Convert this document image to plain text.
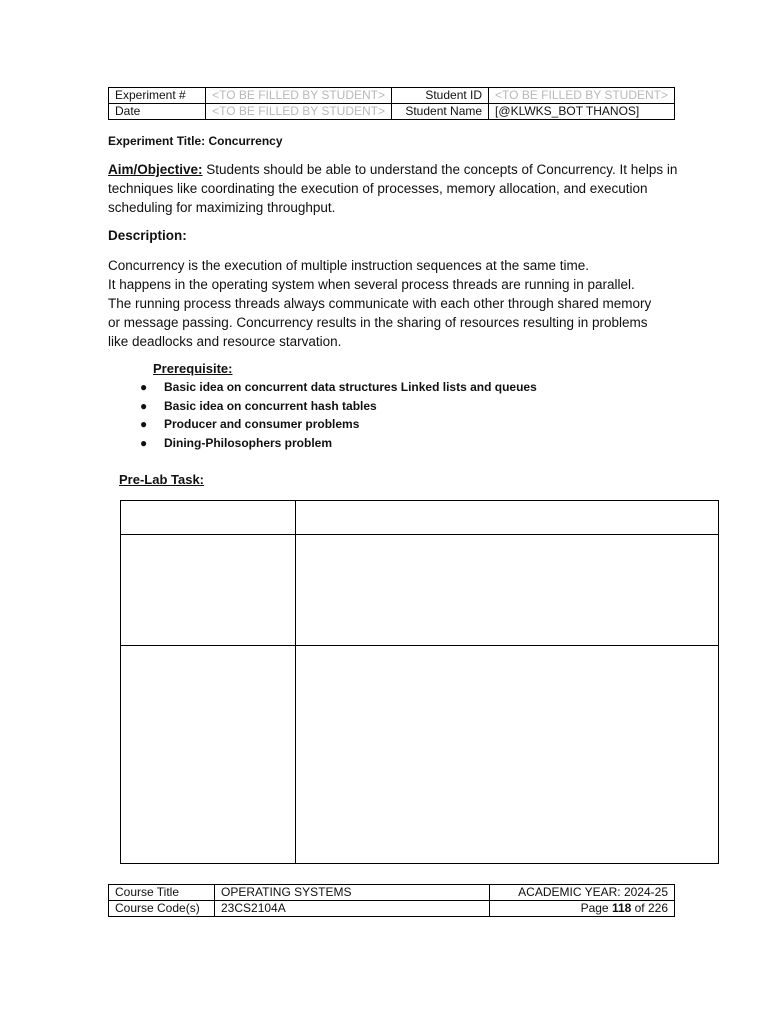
Experiment #	<TO BE FILLED BY STUDENT>	Student ID	<TO BE FILLED BY STUDENT>
Date	<TO BE FILLED BY STUDENT>	Student Name	[@KLWKS_BOT THANOS]
Experiment Title: Concurrency
Aim/Objective: Students should be able to understand the concepts of Concurrency. It helps in techniques like coordinating the execution of processes, memory allocation, and execution scheduling for maximizing throughput.
Description:
Concurrency is the execution of multiple instruction sequences at the same time.
It happens in the operating system when several process threads are running in parallel.
The running process threads always communicate with each other through shared memory
or message passing. Concurrency results in the sharing of resources resulting in problems
like deadlocks and resource starvation.
Prerequisite:
● Basic idea on concurrent data structures Linked lists and queues
● Basic idea on concurrent hash tables
● Producer and consumer problems
● Dining-Philosophers problem
Pre-Lab Task:

Course Title	OPERATING SYSTEMS	ACADEMIC YEAR: 2024-25
Course Code(s)	23CS2104A	Page 118 of 226
